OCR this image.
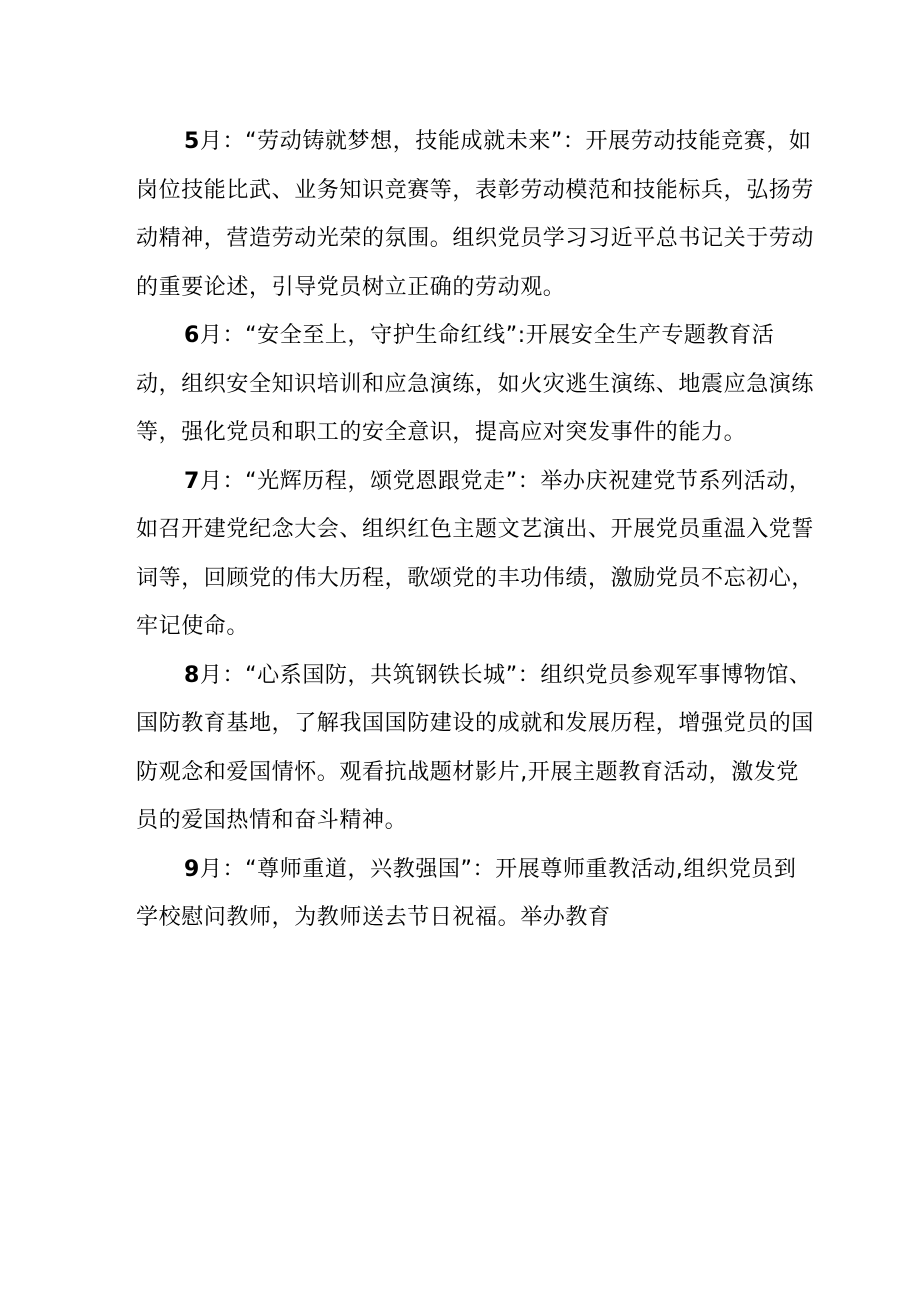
5月：“劳动铸就梦想，技能成就未来”：开展劳动技能竞赛，如岗位技能比武、业务知识竞赛等，表彰劳动模范和技能标兵，弘扬劳动精神，营造劳动光荣的氛围。组织党员学习习近平总书记关于劳动的重要论述，引导党员树立正确的劳动观。

6月：“安全至上，守护生命红线”:开展安全生产专题教育活动，组织安全知识培训和应急演练，如火灾逃生演练、地震应急演练等，强化党员和职工的安全意识，提高应对突发事件的能力。

7月：“光辉历程，颂党恩跟党走”：举办庆祝建党节系列活动，如召开建党纪念大会、组织红色主题文艺演出、开展党员重温入党誓词等，回顾党的伟大历程，歌颂党的丰功伟绩，激励党员不忘初心，牢记使命。

8月：“心系国防，共筑钢铁长城”：组织党员参观军事博物馆、国防教育基地，了解我国国防建设的成就和发展历程，增强党员的国防观念和爱国情怀。观看抗战题材影片,开展主题教育活动，激发党员的爱国热情和奋斗精神。

9月：“尊师重道，兴教强国”：开展尊师重教活动,组织党员到学校慰问教师，为教师送去节日祝福。举办教育
